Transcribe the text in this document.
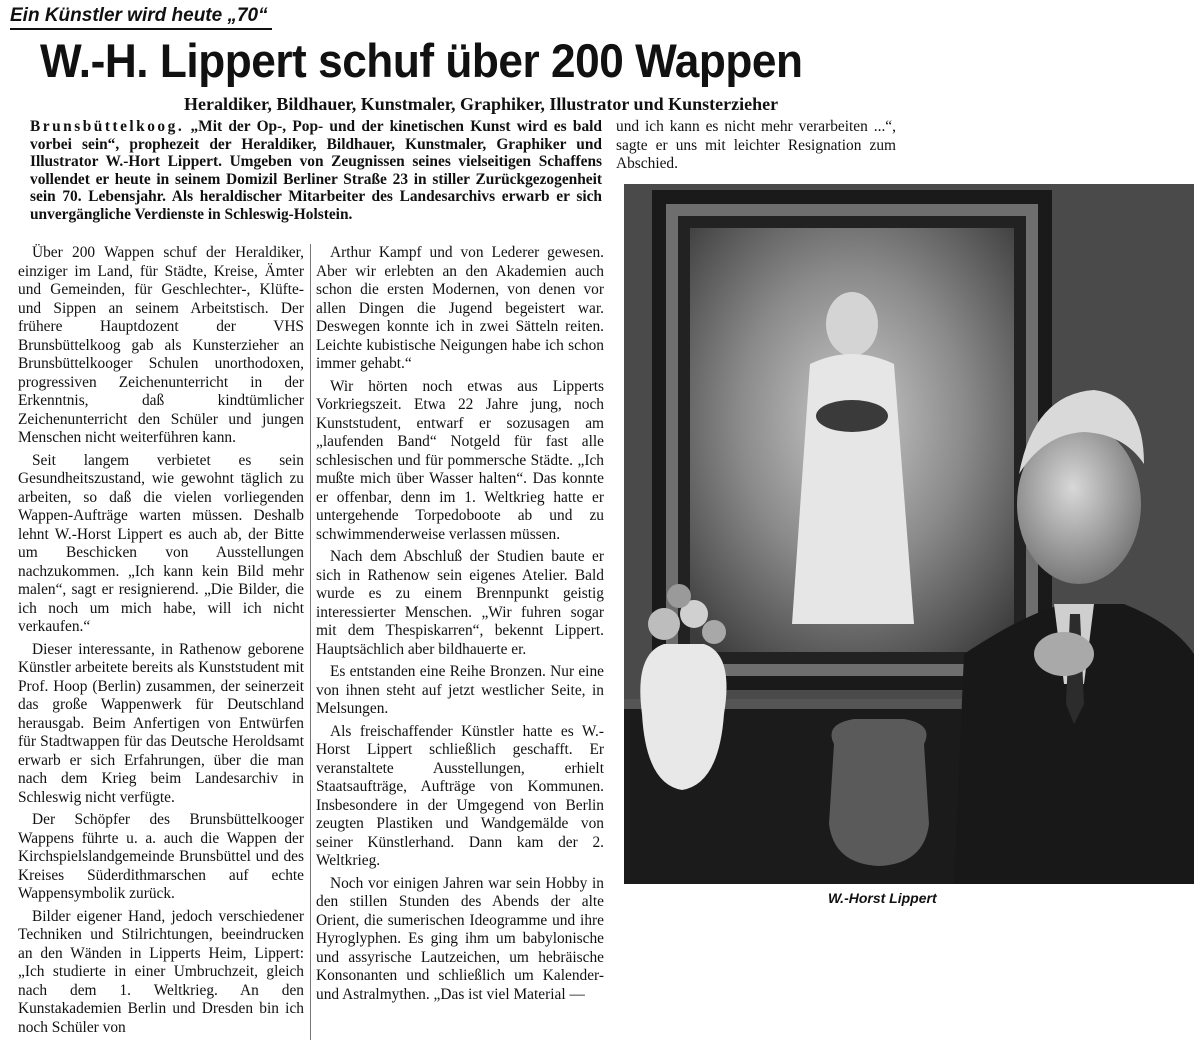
Ein Künstler wird heute „70“
W.-H. Lippert schuf über 200 Wappen
Heraldiker, Bildhauer, Kunstmaler, Graphiker, Illustrator und Kunsterzieher
Brunsbüttelkoog. „Mit der Op-, Pop- und der kinetischen Kunst wird es bald vorbei sein“, prophezeit der Heraldiker, Bildhauer, Kunstmaler, Graphiker und Illustrator W.-Hort Lippert. Umgeben von Zeugnissen seines vielseitigen Schaffens vollendet er heute in seinem Domizil Berliner Straße 23 in stiller Zurückgezogenheit sein 70. Lebensjahr. Als heraldischer Mitarbeiter des Landesarchivs erwarb er sich unvergängliche Verdienste in Schleswig-Holstein.

Über 200 Wappen schuf der Heraldiker, einziger im Land, für Städte, Kreise, Ämter und Gemeinden, für Geschlechter-, Klüfte- und Sippen an seinem Arbeitstisch. Der frühere Hauptdozent der VHS Brunsbüttelkoog gab als Kunsterzieher an Brunsbüttelkooger Schulen unorthodoxen, progressiven Zeichenunterricht in der Erkenntnis, daß kindtümlicher Zeichenunterricht den Schüler und jungen Menschen nicht weiterführen kann.

Seit langem verbietet es sein Gesundheitszustand, wie gewohnt täglich zu arbeiten, so daß die vielen vorliegenden Wappen-Aufträge warten müssen. Deshalb lehnt W.-Horst Lippert es auch ab, der Bitte um Beschicken von Ausstellungen nachzukommen. „Ich kann kein Bild mehr malen“, sagt er resignierend. „Die Bilder, die ich noch um mich habe, will ich nicht verkaufen.“

Dieser interessante, in Rathenow geborene Künstler arbeitete bereits als Kunststudent mit Prof. Hoop (Berlin) zusammen, der seinerzeit das große Wappenwerk für Deutschland herausgab. Beim Anfertigen von Entwürfen für Stadtwappen für das Deutsche Heroldsamt erwarb er sich Erfahrungen, über die man nach dem Krieg beim Landesarchiv in Schleswig nicht verfügte.

Der Schöpfer des Brunsbüttelkooger Wappens führte u. a. auch die Wappen der Kirchspielslandgemeinde Brunsbüttel und des Kreises Süderdithmarschen auf echte Wappensymbolik zurück.

Bilder eigener Hand, jedoch verschiedener Techniken und Stilrichtungen, beeindrucken an den Wänden in Lipperts Heim, Lippert: „Ich studierte in einer Umbruchzeit, gleich nach dem 1. Weltkrieg. An den Kunstakademien Berlin und Dresden bin ich noch Schüler von

Arthur Kampf und von Lederer gewesen. Aber wir erlebten an den Akademien auch schon die ersten Modernen, von denen vor allen Dingen die Jugend begeistert war. Deswegen konnte ich in zwei Sätteln reiten. Leichte kubistische Neigungen habe ich schon immer gehabt.“

Wir hörten noch etwas aus Lipperts Vorkriegszeit. Etwa 22 Jahre jung, noch Kunststudent, entwarf er sozusagen am „laufenden Band“ Notgeld für fast alle schlesischen und für pommersche Städte. „Ich mußte mich über Wasser halten“. Das konnte er offenbar, denn im 1. Weltkrieg hatte er untergehende Torpedoboote ab und zu schwimmenderweise verlassen müssen.

Nach dem Abschluß der Studien baute er sich in Rathenow sein eigenes Atelier. Bald wurde es zu einem Brennpunkt geistig interessierter Menschen. „Wir fuhren sogar mit dem Thespiskarren“, bekennt Lippert. Hauptsächlich aber bildhauerte er.

Es entstanden eine Reihe Bronzen. Nur eine von ihnen steht auf jetzt westlicher Seite, in Melsungen.

Als freischaffender Künstler hatte es W.-Horst Lippert schließlich geschafft. Er veranstaltete Ausstellungen, erhielt Staatsaufträge, Aufträge von Kommunen. Insbesondere in der Umgegend von Berlin zeugten Plastiken und Wandgemälde von seiner Künstlerhand. Dann kam der 2. Weltkrieg.

Noch vor einigen Jahren war sein Hobby in den stillen Stunden des Abends der alte Orient, die sumerischen Ideogramme und ihre Hyroglyphen. Es ging ihm um babylonische und assyrische Lautzeichen, um hebräische Konsonanten und schließlich um Kalender- und Astralmythen. „Das ist viel Material —

und ich kann es nicht mehr verarbeiten ...“, sagte er uns mit leichter Resignation zum Abschied.

W.-Horst Lippert
